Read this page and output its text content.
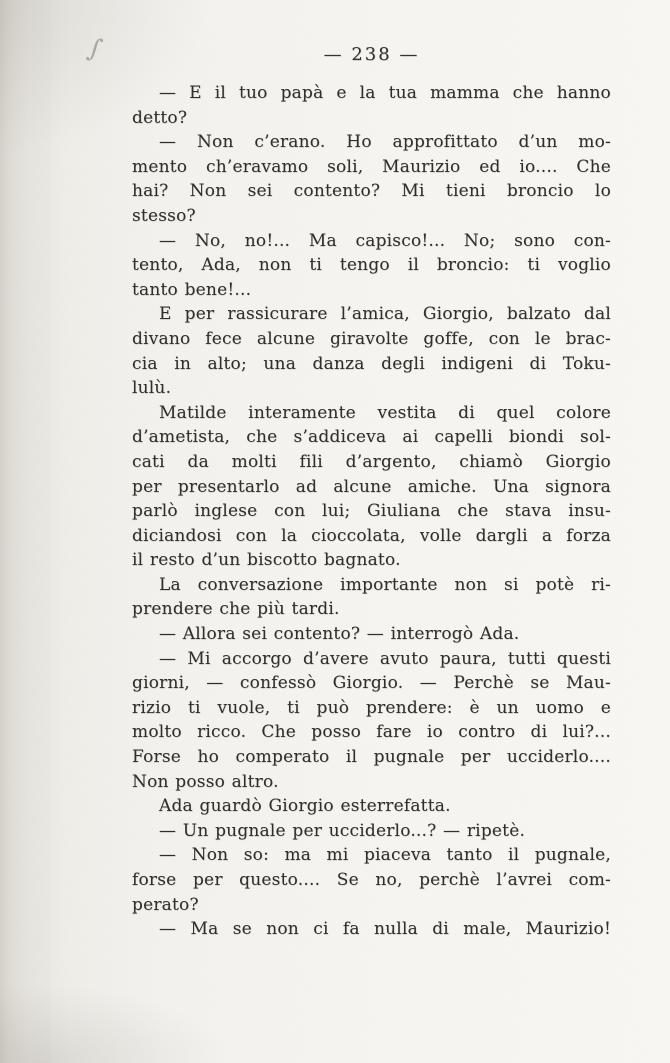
∫	— 238 —
— E il tuo papà e la tua mamma che hanno
detto?
— Non c’erano. Ho approfittato d’un mo-
mento ch’eravamo soli, Maurizio ed io.... Che
hai? Non sei contento? Mi tieni broncio lo
stesso?
— No, no!... Ma capisco!... No; sono con-
tento, Ada, non ti tengo il broncio: ti voglio
tanto bene!...
E per rassicurare l’amica, Giorgio, balzato dal
divano fece alcune giravolte goffe, con le brac-
cia in alto; una danza degli indigeni di Toku-
lulù.
Matilde interamente vestita di quel colore
d’ametista, che s’addiceva ai capelli biondi sol-
cati da molti fili d’argento, chiamò Giorgio
per presentarlo ad alcune amiche. Una signora
parlò inglese con lui; Giuliana che stava insu-
diciandosi con la cioccolata, volle dargli a forza
il resto d’un biscotto bagnato.
La conversazione importante non si potè ri-
prendere che più tardi.
— Allora sei contento? — interrogò Ada.
— Mi accorgo d’avere avuto paura, tutti questi
giorni, — confessò Giorgio. — Perchè se Mau-
rizio ti vuole, ti può prendere: è un uomo e
molto ricco. Che posso fare io contro di lui?...
Forse ho comperato il pugnale per ucciderlo....
Non posso altro.
Ada guardò Giorgio esterrefatta.
— Un pugnale per ucciderlo...? — ripetè.
— Non so: ma mi piaceva tanto il pugnale,
forse per questo.... Se no, perchè l’avrei com-
perato?
— Ma se non ci fa nulla di male, Maurizio!
